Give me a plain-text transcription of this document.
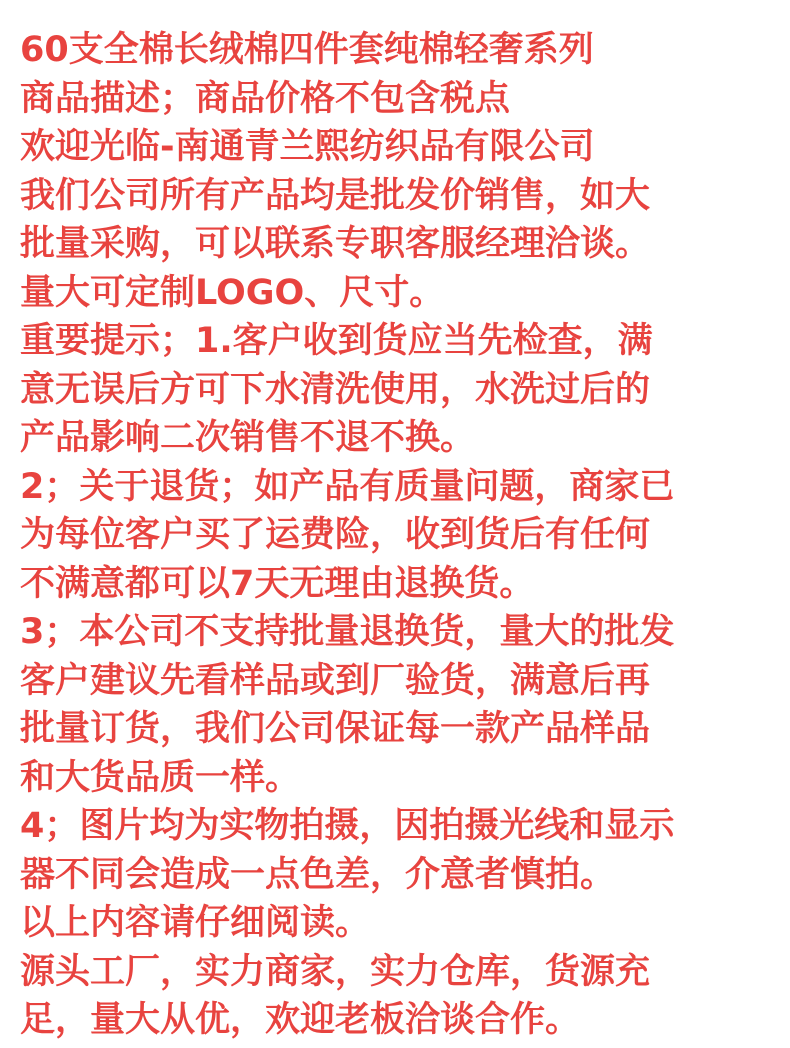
60支全棉长绒棉四件套纯棉轻奢系列
商品描述；商品价格不包含税点
欢迎光临-南通青兰熙纺织品有限公司
我们公司所有产品均是批发价销售，如大
批量采购，可以联系专职客服经理洽谈。
量大可定制LOGO、尺寸。
重要提示；1.客户收到货应当先检查，满
意无误后方可下水清洗使用，水洗过后的
产品影响二次销售不退不换。
2；关于退货；如产品有质量问题，商家已
为每位客户买了运费险，收到货后有任何
不满意都可以7天无理由退换货。
3；本公司不支持批量退换货，量大的批发
客户建议先看样品或到厂验货，满意后再
批量订货，我们公司保证每一款产品样品
和大货品质一样。
4；图片均为实物拍摄，因拍摄光线和显示
器不同会造成一点色差，介意者慎拍。
以上内容请仔细阅读。
源头工厂，实力商家，实力仓库，货源充
足，量大从优，欢迎老板洽谈合作。
